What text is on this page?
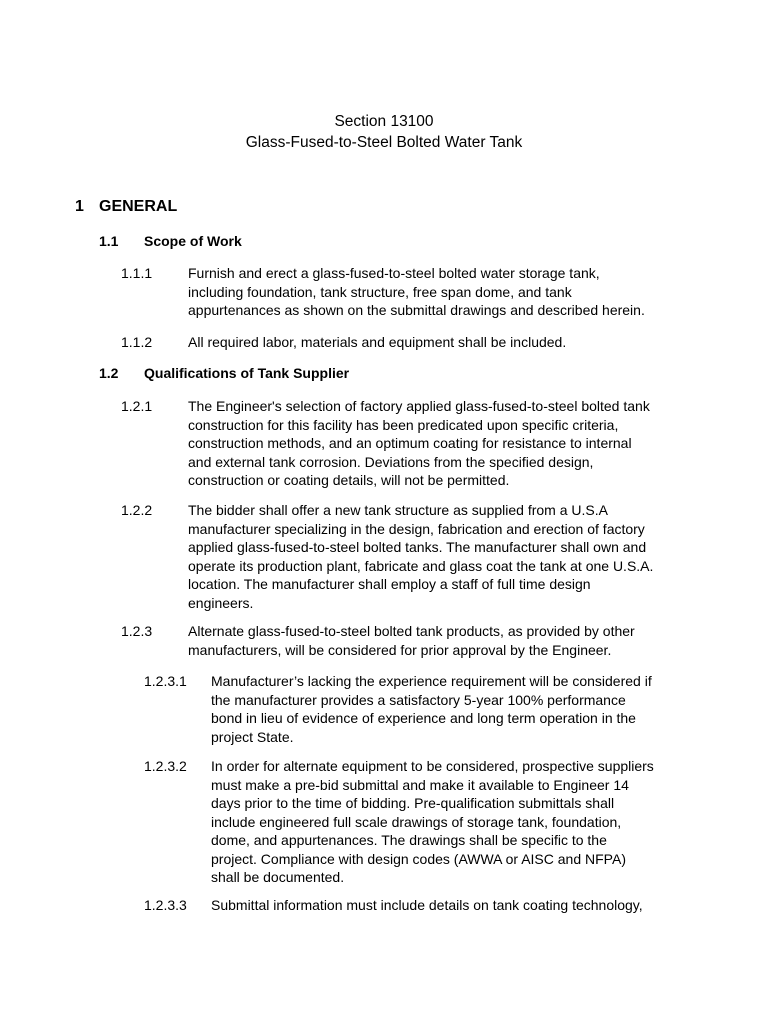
Section 13100
Glass-Fused-to-Steel Bolted Water Tank
1 GENERAL
1.1 Scope of Work
1.1.1	Furnish and erect a glass-fused-to-steel bolted water storage tank,
including foundation, tank structure, free span dome, and tank
appurtenances as shown on the submittal drawings and described herein.
1.1.2	All required labor, materials and equipment shall be included.
1.2 Qualifications of Tank Supplier
1.2.1	The Engineer's selection of factory applied glass-fused-to-steel bolted tank
construction for this facility has been predicated upon specific criteria,
construction methods, and an optimum coating for resistance to internal
and external tank corrosion. Deviations from the specified design,
construction or coating details, will not be permitted.
1.2.2	The bidder shall offer a new tank structure as supplied from a U.S.A
manufacturer specializing in the design, fabrication and erection of factory
applied glass-fused-to-steel bolted tanks. The manufacturer shall own and
operate its production plant, fabricate and glass coat the tank at one U.S.A.
location. The manufacturer shall employ a staff of full time design
engineers.
1.2.3	Alternate glass-fused-to-steel bolted tank products, as provided by other
manufacturers, will be considered for prior approval by the Engineer.
1.2.3.1 Manufacturer’s lacking the experience requirement will be considered if
the manufacturer provides a satisfactory 5-year 100% performance
bond in lieu of evidence of experience and long term operation in the
project State.
1.2.3.2 In order for alternate equipment to be considered, prospective suppliers
must make a pre-bid submittal and make it available to Engineer 14
days prior to the time of bidding. Pre-qualification submittals shall
include engineered full scale drawings of storage tank, foundation,
dome, and appurtenances. The drawings shall be specific to the
project. Compliance with design codes (AWWA or AISC and NFPA)
shall be documented.
1.2.3.3 Submittal information must include details on tank coating technology,
